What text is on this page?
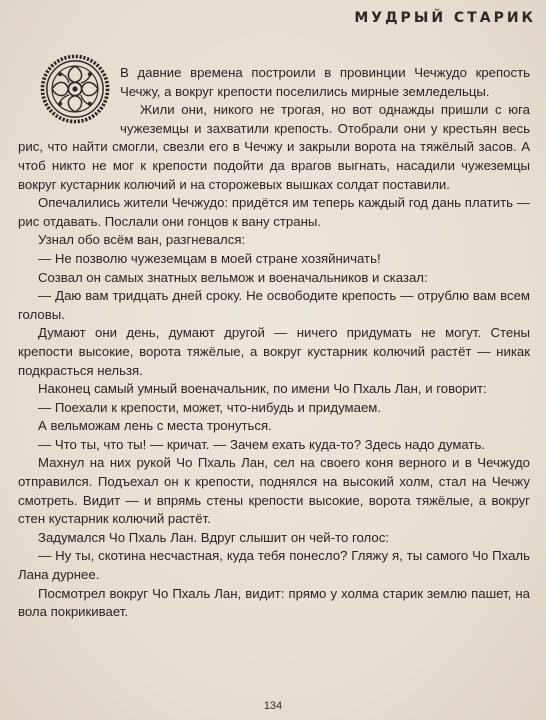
МУДРЫЙ СТАРИК

В давние времена построили в провинции Чечжудо крепость Чечжу, а вокруг крепости поселились мирные земледельцы.

Жили они, никого не трогая, но вот однажды пришли с юга чужеземцы и захватили крепость. Отобрали они у крестьян весь рис, что найти смогли, свезли его в Чечжу и закрыли ворота на тяжёлый засов. А чтоб никто не мог к крепости подойти да врагов выгнать, насадили чужеземцы вокруг кустарник колючий и на сторожевых вышках солдат поставили.

Опечалились жители Чечжудо: придётся им теперь каждый год дань платить — рис отдавать. Послали они гонцов к вану страны.

Узнал обо всём ван, разгневался:

— Не позволю чужеземцам в моей стране хозяйничать!

Созвал он самых знатных вельмож и военачальников и сказал:

— Даю вам тридцать дней сроку. Не освободите крепость — отрублю вам всем головы.

Думают они день, думают другой — ничего придумать не могут. Стены крепости высокие, ворота тяжёлые, а вокруг кустарник колючий растёт — никак подкрасться нельзя.

Наконец самый умный военачальник, по имени Чо Пхаль Лан, и говорит:

— Поехали к крепости, может, что-нибудь и придумаем.

А вельможам лень с места тронуться.

— Что ты, что ты! — кричат. — Зачем ехать куда-то? Здесь надо думать.

Махнул на них рукой Чо Пхаль Лан, сел на своего коня верного и в Чечжудо отправился. Подъехал он к крепости, поднялся на высокий холм, стал на Чечжу смотреть. Видит — и впрямь стены крепости высокие, ворота тяжёлые, а вокруг стен кустарник колючий растёт.

Задумался Чо Пхаль Лан. Вдруг слышит он чей-то голос:

— Ну ты, скотина несчастная, куда тебя понесло? Гляжу я, ты самого Чо Пхаль Лана дурнее.

Посмотрел вокруг Чо Пхаль Лан, видит: прямо у холма старик землю пашет, на вола покрикивает.

134
